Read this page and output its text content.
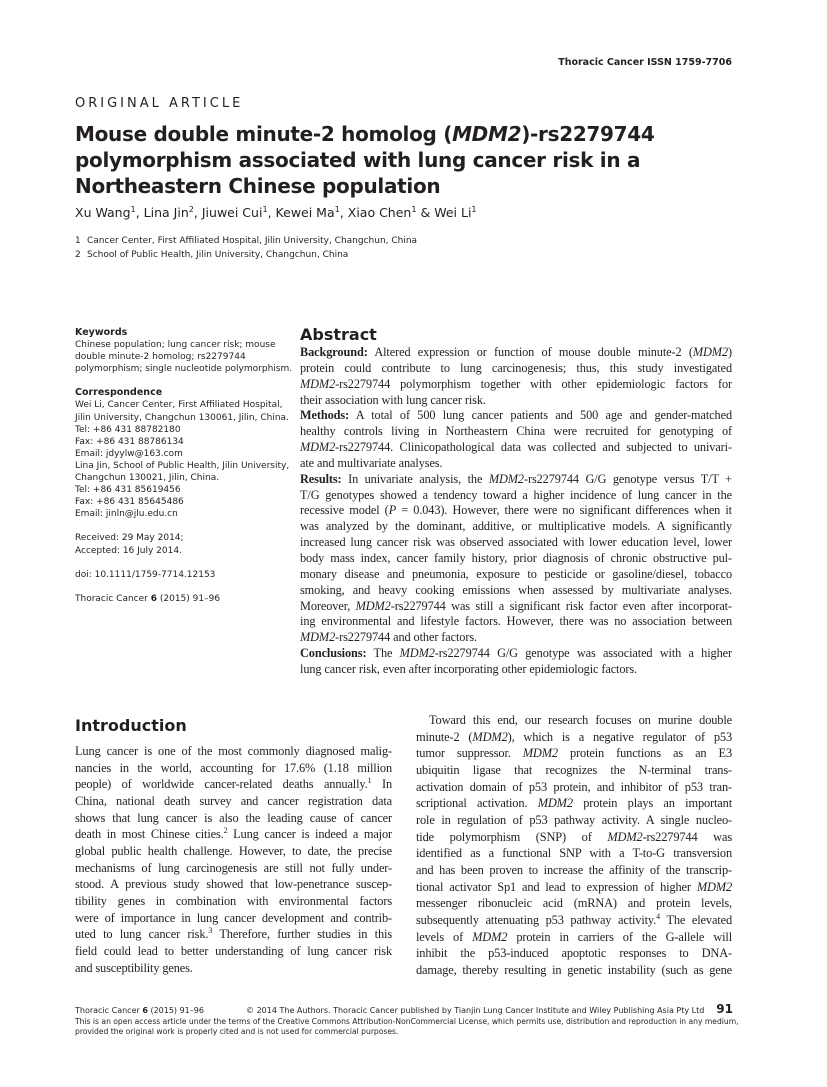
Thoracic Cancer ISSN 1759-7706
ORIGINAL ARTICLE
Mouse double minute-2 homolog (MDM2)-rs2279744
polymorphism associated with lung cancer risk in a
Northeastern Chinese population
Xu Wang$^1$, Lina Jin$^2$, Jiuwei Cui$^1$, Kewei Ma$^1$, Xiao Chen$^1$ & Wei Li$^1$
1 Cancer Center, First Affiliated Hospital, Jilin University, Changchun, China
2 School of Public Health, Jilin University, Changchun, China
Keywords
Chinese population; lung cancer risk; mouse
double minute-2 homolog; rs2279744
polymorphism; single nucleotide polymorphism.
Correspondence
Wei Li, Cancer Center, First Affiliated Hospital,
Jilin University, Changchun 130061, Jilin, China.
Tel: +86 431 88782180
Fax: +86 431 88786134
Email: jdyylw@163.com
Lina Jin, School of Public Health, Jilin University,
Changchun 130021, Jilin, China.
Tel: +86 431 85619456
Fax: +86 431 85645486
Email: jinln@jlu.edu.cn
Received: 29 May 2014;
Accepted: 16 July 2014.
doi: 10.1111/1759-7714.12153
Thoracic Cancer 6 (2015) 91–96
Abstract
Background: Altered expression or function of mouse double minute-2 (MDM2)
protein could contribute to lung carcinogenesis; thus, this study investigated
MDM2-rs2279744 polymorphism together with other epidemiologic factors for
their association with lung cancer risk.
Methods: A total of 500 lung cancer patients and 500 age and gender-matched
healthy controls living in Northeastern China were recruited for genotyping of
MDM2-rs2279744. Clinicopathological data was collected and subjected to univari-
ate and multivariate analyses.
Results: In univariate analysis, the MDM2-rs2279744 G/G genotype versus T/T +
T/G genotypes showed a tendency toward a higher incidence of lung cancer in the
recessive model (P = 0.043). However, there were no significant differences when it
was analyzed by the dominant, additive, or multiplicative models. A significantly
increased lung cancer risk was observed associated with lower education level, lower
body mass index, cancer family history, prior diagnosis of chronic obstructive pul-
monary disease and pneumonia, exposure to pesticide or gasoline/diesel, tobacco
smoking, and heavy cooking emissions when assessed by multivariate analyses.
Moreover, MDM2-rs2279744 was still a significant risk factor even after incorporat-
ing environmental and lifestyle factors. However, there was no association between
MDM2-rs2279744 and other factors.
Conclusions: The MDM2-rs2279744 G/G genotype was associated with a higher
lung cancer risk, even after incorporating other epidemiologic factors.
Introduction
Lung cancer is one of the most commonly diagnosed malig-
nancies in the world, accounting for 17.6% (1.18 million
people) of worldwide cancer-related deaths annually.$^1$ In
China, national death survey and cancer registration data
shows that lung cancer is also the leading cause of cancer
death in most Chinese cities.$^2$ Lung cancer is indeed a major
global public health challenge. However, to date, the precise
mechanisms of lung carcinogenesis are still not fully under-
stood. A previous study showed that low-penetrance suscep-
tibility genes in combination with environmental factors
were of importance in lung cancer development and contrib-
uted to lung cancer risk.$^3$ Therefore, further studies in this
field could lead to better understanding of lung cancer risk
and susceptibility genes.
Toward this end, our research focuses on murine double
minute-2 (MDM2), which is a negative regulator of p53
tumor suppressor. MDM2 protein functions as an E3
ubiquitin ligase that recognizes the N-terminal trans-
activation domain of p53 protein, and inhibitor of p53 tran-
scriptional activation. MDM2 protein plays an important
role in regulation of p53 pathway activity. A single nucleo-
tide polymorphism (SNP) of MDM2-rs2279744 was
identified as a functional SNP with a T-to-G transversion
and has been proven to increase the affinity of the transcrip-
tional activator Sp1 and lead to expression of higher MDM2
messenger ribonucleic acid (mRNA) and protein levels,
subsequently attenuating p53 pathway activity.$^4$ The elevated
levels of MDM2 protein in carriers of the G-allele will
inhibit the p53-induced apoptotic responses to DNA-
damage, thereby resulting in genetic instability (such as gene
Thoracic Cancer 6 (2015) 91–96	© 2014 The Authors. Thoracic Cancer published by Tianjin Lung Cancer Institute and Wiley Publishing Asia Pty Ltd 91
This is an open access article under the terms of the Creative Commons Attribution-NonCommercial License, which permits use, distribution and reproduction in any medium,
provided the original work is properly cited and is not used for commercial purposes.
